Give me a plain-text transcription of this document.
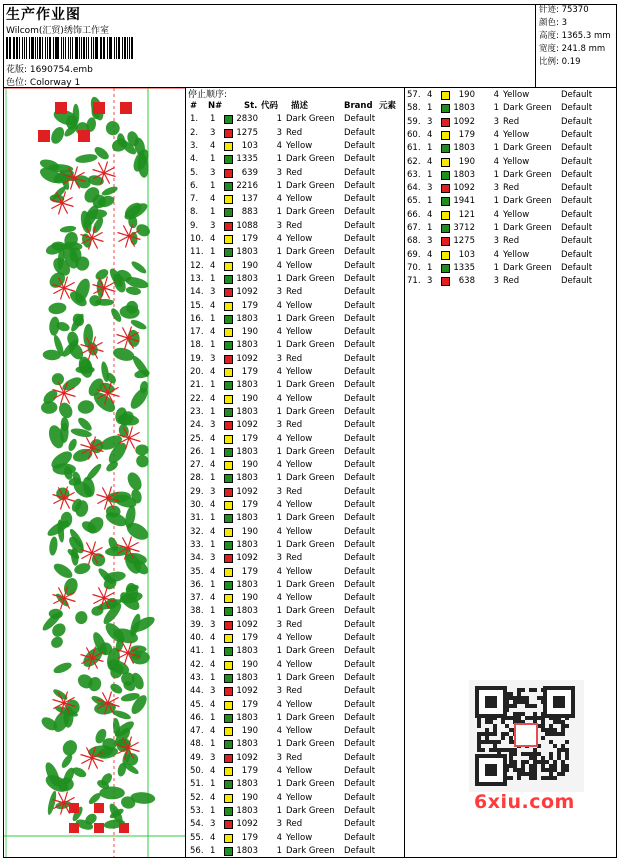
生产作业图
Wilcom(汇贸)绣饰工作室
花版: 1690754.emb
色位: Colorway 1
针迹: 75370
颜色: 3
高度: 1365.3 mm
宽度: 241.8 mm
比例: 0.19
停止顺序:
# N#	St. 代码 描述	Brand 元素
1. 1 2830	1 Dark Green Default
2. 3 1275	3 Red	Default
3. 4	103	4 Yellow	Default
4. 1 1335	1 Dark Green Default
5. 3	639	3 Red	Default
6. 1 2216	1 Dark Green Default
7. 4	137	4 Yellow	Default
8. 1	883	1 Dark Green Default
9. 3 1088	3 Red	Default
10. 4	179	4 Yellow	Default
11. 1 1803	1 Dark Green Default
12. 4	190	4 Yellow	Default
13. 1 1803	1 Dark Green Default
14. 3 1092	3 Red	Default
15. 4	179	4 Yellow	Default
16. 1 1803	1 Dark Green Default
17. 4	190	4 Yellow	Default
18. 1 1803	1 Dark Green Default
19. 3 1092	3 Red	Default
20. 4	179	4 Yellow	Default
21. 1 1803	1 Dark Green Default
22. 4	190	4 Yellow	Default
23. 1 1803	1 Dark Green Default
24. 3 1092	3 Red	Default
25. 4	179	4 Yellow	Default
26. 1 1803	1 Dark Green Default
27. 4	190	4 Yellow	Default
28. 1 1803	1 Dark Green Default
29. 3 1092	3 Red	Default
30. 4	179	4 Yellow	Default
31. 1 1803	1 Dark Green Default
32. 4	190	4 Yellow	Default
33. 1 1803	1 Dark Green Default
34. 3 1092	3 Red	Default
35. 4	179	4 Yellow	Default
36. 1 1803	1 Dark Green Default
37. 4	190	4 Yellow	Default
38. 1 1803	1 Dark Green Default
39. 3 1092	3 Red	Default
40. 4	179	4 Yellow	Default
41. 1 1803	1 Dark Green Default
42. 4	190	4 Yellow	Default
43. 1 1803	1 Dark Green Default
44. 3 1092	3 Red	Default
45. 4	179	4 Yellow	Default
46. 1 1803	1 Dark Green Default
47. 4	190	4 Yellow	Default
48. 1 1803	1 Dark Green Default
49. 3 1092	3 Red	Default
50. 4	179	4 Yellow	Default
51. 1 1803	1 Dark Green Default
52. 4	190	4 Yellow	Default
53. 1 1803	1 Dark Green Default
54. 3 1092	3 Red	Default
55. 4	179	4 Yellow	Default
56. 1 1803	1 Dark Green Default
57. 4	190	4 Yellow	Default
58. 1 1803	1 Dark Green Default
59. 3 1092	3 Red	Default
60. 4	179	4 Yellow	Default
61. 1 1803	1 Dark Green Default
62. 4	190	4 Yellow	Default
63. 1 1803	1 Dark Green Default
64. 3 1092	3 Red	Default
65. 1 1941	1 Dark Green Default
66. 4	121	4 Yellow	Default
67. 1 3712	1 Dark Green Default
68. 3 1275	3 Red	Default
69. 4	103	4 Yellow	Default
70. 1 1335	1 Dark Green Default
71. 3	638	3 Red	Default
6xiu.com
